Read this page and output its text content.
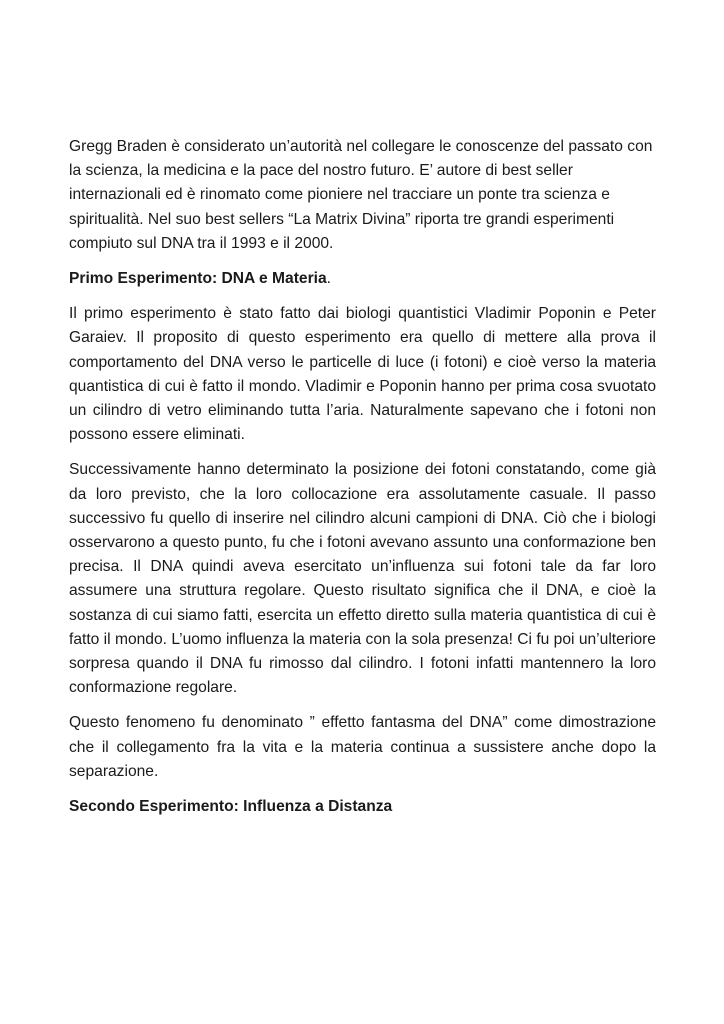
Gregg Braden è considerato un’autorità nel collegare le conoscenze del passato con la scienza, la medicina e la pace del nostro futuro. E’ autore di best seller internazionali ed è rinomato come pioniere nel tracciare un ponte tra scienza e spiritualità. Nel suo best sellers “La Matrix Divina” riporta tre grandi esperimenti compiuto sul DNA tra il 1993 e il 2000.

Primo Esperimento: DNA e Materia.

Il primo esperimento è stato fatto dai biologi quantistici Vladimir Poponin e Peter Garaiev. Il proposito di questo esperimento era quello di mettere alla prova il comportamento del DNA verso le particelle di luce (i fotoni) e cioè verso la materia quantistica di cui è fatto il mondo. Vladimir e Poponin hanno per prima cosa svuotato un cilindro di vetro eliminando tutta l’aria. Naturalmente sapevano che i fotoni non possono essere eliminati.

Successivamente hanno determinato la posizione dei fotoni constatando, come già da loro previsto, che la loro collocazione era assolutamente casuale. Il passo successivo fu quello di inserire nel cilindro alcuni campioni di DNA. Ciò che i biologi osservarono a questo punto, fu che i fotoni avevano assunto una conformazione ben precisa. Il DNA quindi aveva esercitato un’influenza sui fotoni tale da far loro assumere una struttura regolare. Questo risultato significa che il DNA, e cioè la sostanza di cui siamo fatti, esercita un effetto diretto sulla materia quantistica di cui è fatto il mondo. L’uomo influenza la materia con la sola presenza! Ci fu poi un’ulteriore sorpresa quando il DNA fu rimosso dal cilindro. I fotoni infatti mantennero la loro conformazione regolare.

Questo fenomeno fu denominato ” effetto fantasma del DNA” come dimostrazione che il collegamento fra la vita e la materia continua a sussistere anche dopo la separazione.

Secondo Esperimento: Influenza a Distanza
